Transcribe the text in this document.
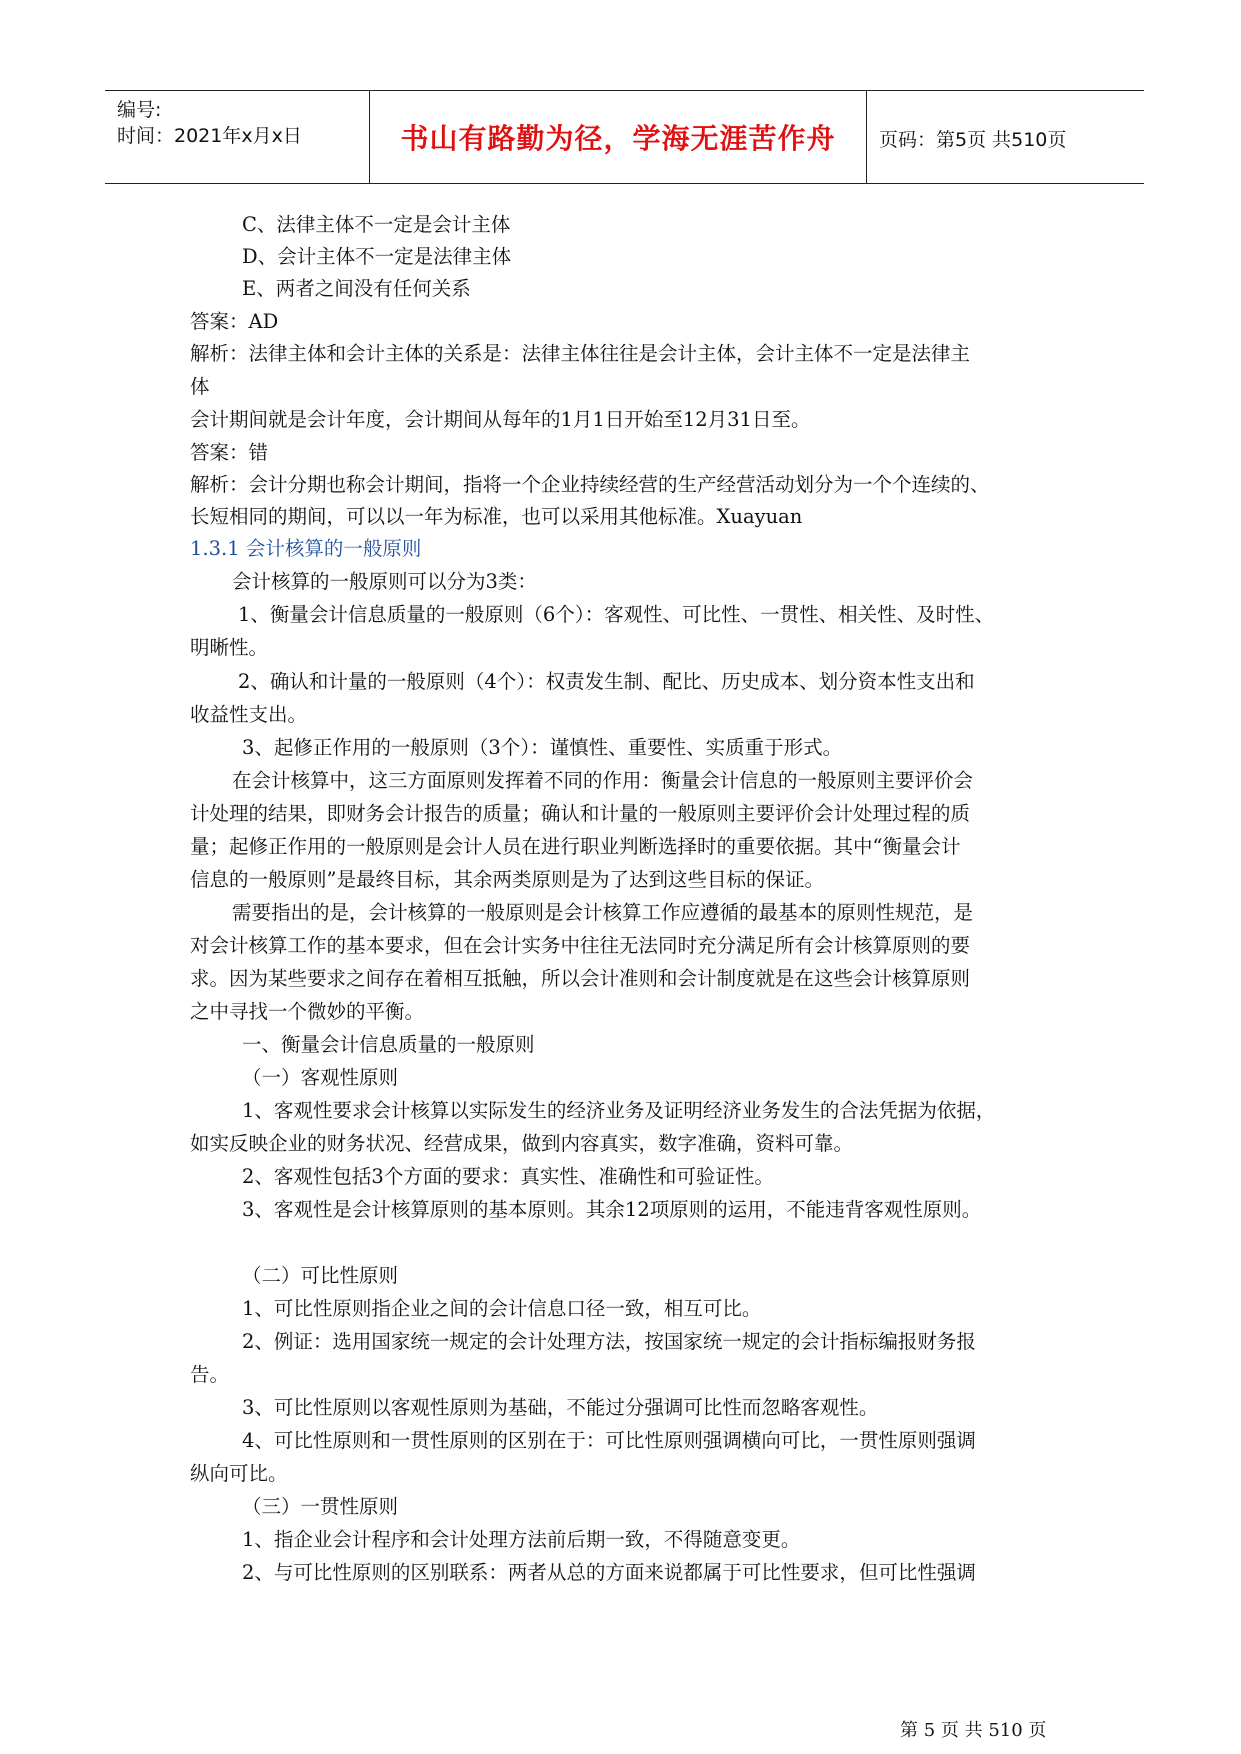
编号:
时间：2021年x月x日	书山有路勤为径，学海无涯苦作舟	页码：第5页 共510页
C、法律主体不一定是会计主体
D、会计主体不一定是法律主体
E、两者之间没有任何关系
答案：AD
解析：法律主体和会计主体的关系是：法律主体往往是会计主体，会计主体不一定是法律主
体
会计期间就是会计年度，会计期间从每年的1月1日开始至12月31日至。
答案：错
解析：会计分期也称会计期间，指将一个企业持续经营的生产经营活动划分为一个个连续的、
长短相同的期间，可以以一年为标准，也可以采用其他标准。Xuayuan
1.3.1 会计核算的一般原则
会计核算的一般原则可以分为3类：
1、衡量会计信息质量的一般原则（6个）：客观性、可比性、一贯性、相关性、及时性、
明晰性。
2、确认和计量的一般原则（4个）：权责发生制、配比、历史成本、划分资本性支出和
收益性支出。
3、起修正作用的一般原则（3个）：谨慎性、重要性、实质重于形式。
在会计核算中，这三方面原则发挥着不同的作用：衡量会计信息的一般原则主要评价会
计处理的结果，即财务会计报告的质量；确认和计量的一般原则主要评价会计处理过程的质
量；起修正作用的一般原则是会计人员在进行职业判断选择时的重要依据。其中“衡量会计
信息的一般原则”是最终目标，其余两类原则是为了达到这些目标的保证。
需要指出的是，会计核算的一般原则是会计核算工作应遵循的最基本的原则性规范，是
对会计核算工作的基本要求，但在会计实务中往往无法同时充分满足所有会计核算原则的要
求。因为某些要求之间存在着相互抵触，所以会计准则和会计制度就是在这些会计核算原则
之中寻找一个微妙的平衡。
一、衡量会计信息质量的一般原则
（一）客观性原则
1、客观性要求会计核算以实际发生的经济业务及证明经济业务发生的合法凭据为依据，
如实反映企业的财务状况、经营成果，做到内容真实，数字准确，资料可靠。
2、客观性包括3个方面的要求：真实性、准确性和可验证性。
3、客观性是会计核算原则的基本原则。其余12项原则的运用，不能违背客观性原则。
（二）可比性原则
1、可比性原则指企业之间的会计信息口径一致，相互可比。
2、例证：选用国家统一规定的会计处理方法，按国家统一规定的会计指标编报财务报
告。
3、可比性原则以客观性原则为基础，不能过分强调可比性而忽略客观性。
4、可比性原则和一贯性原则的区别在于：可比性原则强调横向可比，一贯性原则强调
纵向可比。
（三）一贯性原则
1、指企业会计程序和会计处理方法前后期一致，不得随意变更。
2、与可比性原则的区别联系：两者从总的方面来说都属于可比性要求，但可比性强调
第 5 页 共 510 页
